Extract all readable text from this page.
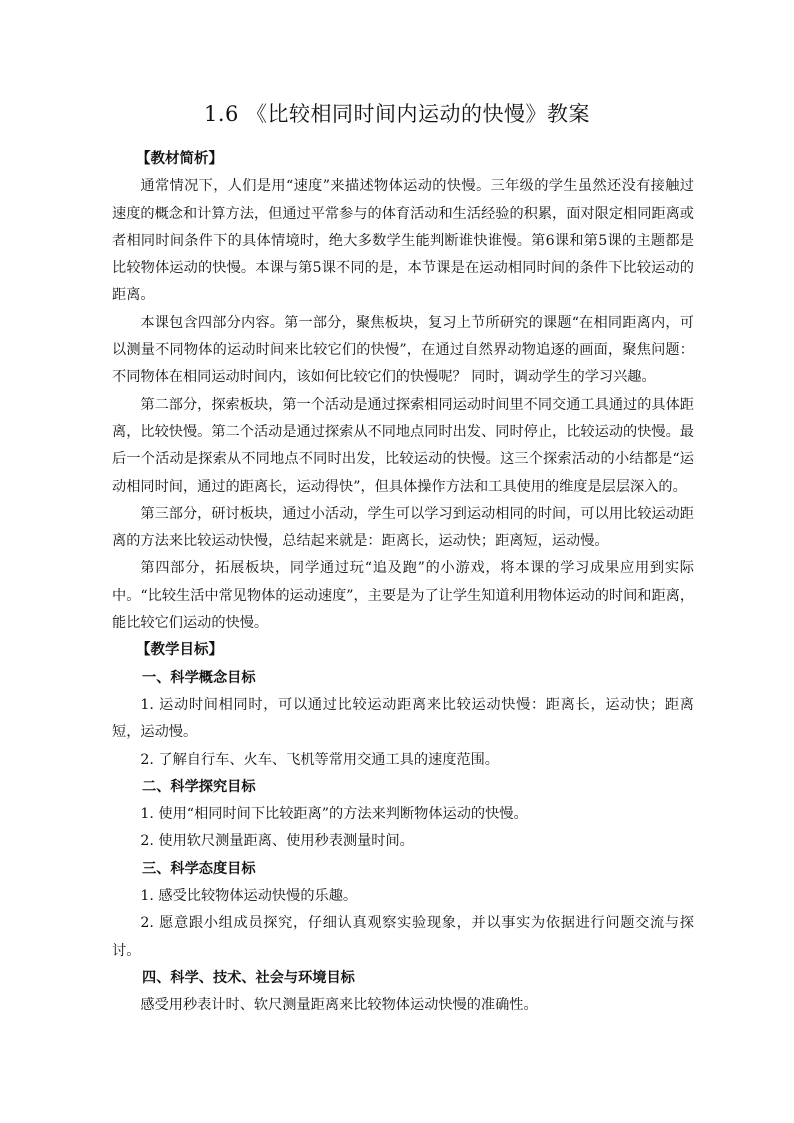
1.6 《比较相同时间内运动的快慢》教案
【教材简析】

通常情况下，人们是用“速度”来描述物体运动的快慢。三年级的学生虽然还没有接触过速度的概念和计算方法，但通过平常参与的体育活动和生活经验的积累，面对限定相同距离或者相同时间条件下的具体情境时，绝大多数学生能判断谁快谁慢。第6课和第5课的主题都是比较物体运动的快慢。本课与第5课不同的是，本节课是在运动相同时间的条件下比较运动的距离。

本课包含四部分内容。第一部分，聚焦板块，复习上节所研究的课题“在相同距离内，可以测量不同物体的运动时间来比较它们的快慢”，在通过自然界动物追逐的画面，聚焦问题：不同物体在相同运动时间内，该如何比较它们的快慢呢？ 同时，调动学生的学习兴趣。

第二部分，探索板块，第一个活动是通过探索相同运动时间里不同交通工具通过的具体距离，比较快慢。第二个活动是通过探索从不同地点同时出发、同时停止，比较运动的快慢。最后一个活动是探索从不同地点不同时出发，比较运动的快慢。这三个探索活动的小结都是“运动相同时间，通过的距离长，运动得快”，但具体操作方法和工具使用的维度是层层深入的。

第三部分，研讨板块，通过小活动，学生可以学习到运动相同的时间，可以用比较运动距离的方法来比较运动快慢，总结起来就是：距离长，运动快；距离短，运动慢。

第四部分，拓展板块，同学通过玩“追及跑”的小游戏，将本课的学习成果应用到实际中。“比较生活中常见物体的运动速度”，主要是为了让学生知道利用物体运动的时间和距离，能比较它们运动的快慢。

【教学目标】
一、科学概念目标

1. 运动时间相同时，可以通过比较运动距离来比较运动快慢：距离长，运动快；距离短，运动慢。

2. 了解自行车、火车、飞机等常用交通工具的速度范围。

二、科学探究目标

1. 使用“相同时间下比较距离”的方法来判断物体运动的快慢。

2. 使用软尺测量距离、使用秒表测量时间。

三、科学态度目标

1. 感受比较物体运动快慢的乐趣。

2. 愿意跟小组成员探究，仔细认真观察实验现象，并以事实为依据进行问题交流与探讨。

四、科学、技术、社会与环境目标

感受用秒表计时、软尺测量距离来比较物体运动快慢的准确性。
